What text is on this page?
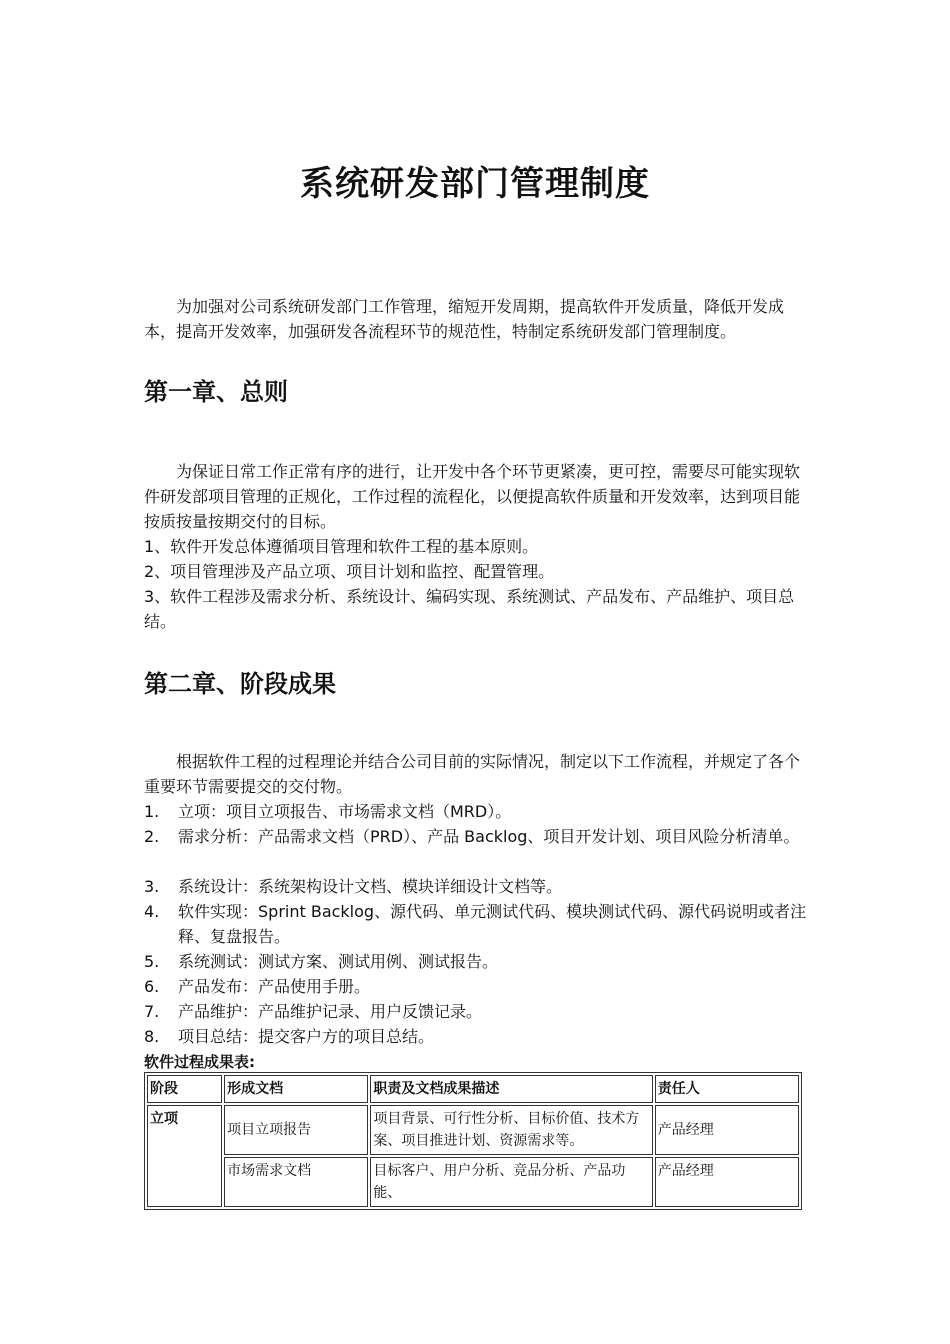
系统研发部门管理制度

为加强对公司系统研发部门工作管理，缩短开发周期，提高软件开发质量，降低开发成本，提高开发效率，加强研发各流程环节的规范性，特制定系统研发部门管理制度。

第一章、总则

为保证日常工作正常有序的进行，让开发中各个环节更紧凑，更可控，需要尽可能实现软件研发部项目管理的正规化，工作过程的流程化，以便提高软件质量和开发效率，达到项目能按质按量按期交付的目标。

1、软件开发总体遵循项目管理和软件工程的基本原则。

2、项目管理涉及产品立项、项目计划和监控、配置管理。

3、软件工程涉及需求分析、系统设计、编码实现、系统测试、产品发布、产品维护、项目总结。

第二章、阶段成果

根据软件工程的过程理论并结合公司目前的实际情况，制定以下工作流程，并规定了各个重要环节需要提交的交付物。

1. 立项：项目立项报告、市场需求文档（MRD）。
2. 需求分析：产品需求文档（PRD）、产品 Backlog、项目开发计划、项目风险分析清单。
3. 系统设计：系统架构设计文档、模块详细设计文档等。
4. 软件实现：Sprint Backlog、源代码、单元测试代码、模块测试代码、源代码说明或者注释、复盘报告。
5. 系统测试：测试方案、测试用例、测试报告。
6. 产品发布：产品使用手册。
7. 产品维护：产品维护记录、用户反馈记录。
8. 项目总结：提交客户方的项目总结。

软件过程成果表:

阶段	形成文档	职责及文档成果描述	责任人
立项	项目立项报告	项目背景、可行性分析、目标价值、技术方案、项目推进计划、资源需求等。	产品经理
	市场需求文档	目标客户、用户分析、竞品分析、产品功能、	产品经理
